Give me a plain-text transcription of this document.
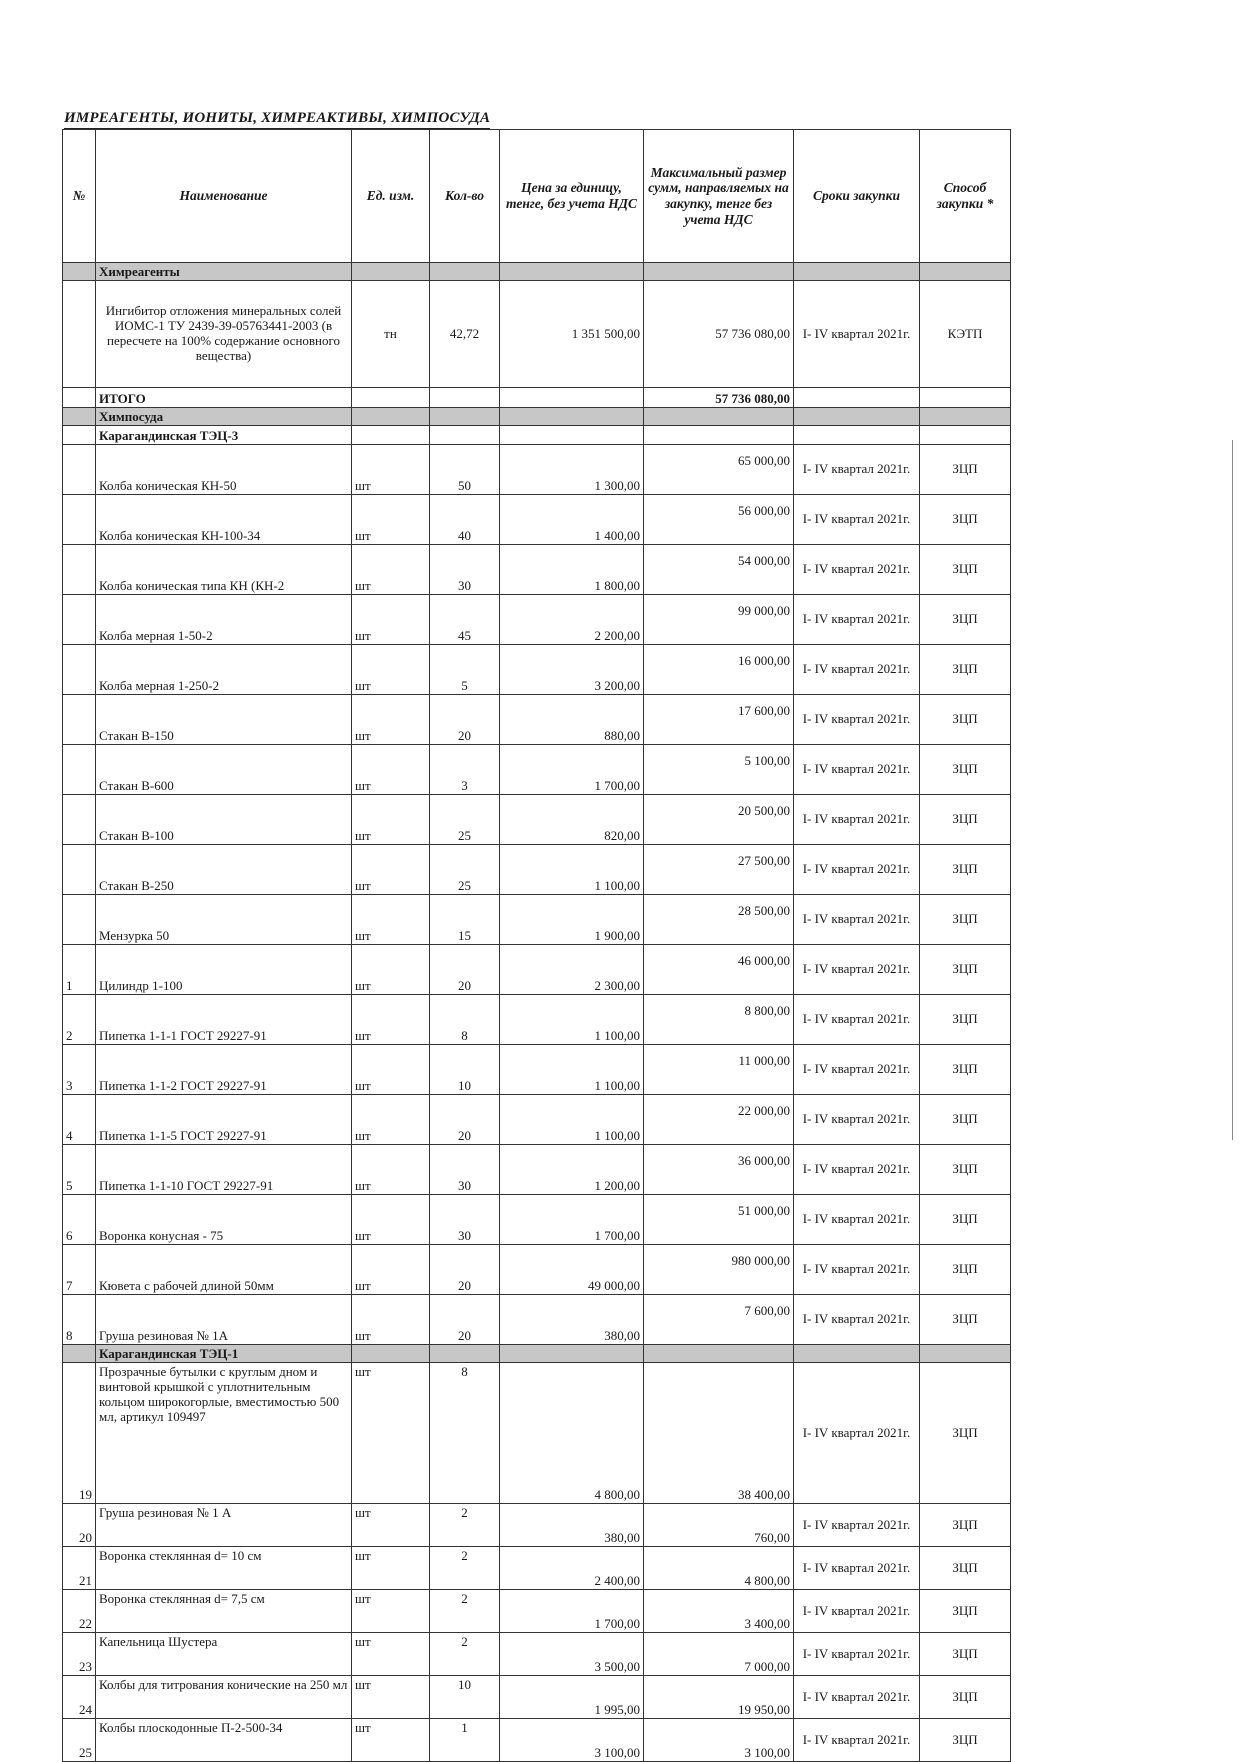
ИМРЕАГЕНТЫ, ИОНИТЫ, ХИМРЕАКТИВЫ, ХИМПОСУДА
№	Наименование	Ед. изм.	Кол-во	Цена за единицу, тенге, без учета НДС	Максимальный размер сумм, направляемых на закупку, тенге без учета НДС	Сроки закупки	Способ закупки *
	Химреагенты						
	Ингибитор отложения минеральных солей ИОМС-1 ТУ 2439-39-05763441-2003 (в пересчете на 100% содержание основного вещества)	тн	42,72	1 351 500,00	57 736 080,00	I- IV квартал 2021г.	КЭТП
	ИТОГО				57 736 080,00		
	Химпосуда						
	Карагандинская ТЭЦ-3						
	Колба коническая КН-50	шт	50	1 300,00	65 000,00	I- IV квартал 2021г.	ЗЦП
	Колба коническая КН-100-34	шт	40	1 400,00	56 000,00	I- IV квартал 2021г.	ЗЦП
	Колба коническая типа КН (КН-2	шт	30	1 800,00	54 000,00	I- IV квартал 2021г.	ЗЦП
	Колба мерная 1-50-2	шт	45	2 200,00	99 000,00	I- IV квартал 2021г.	ЗЦП
	Колба мерная 1-250-2	шт	5	3 200,00	16 000,00	I- IV квартал 2021г.	ЗЦП
	Стакан В-150	шт	20	880,00	17 600,00	I- IV квартал 2021г.	ЗЦП
	Стакан В-600	шт	3	1 700,00	5 100,00	I- IV квартал 2021г.	ЗЦП
	Стакан В-100	шт	25	820,00	20 500,00	I- IV квартал 2021г.	ЗЦП
	Стакан В-250	шт	25	1 100,00	27 500,00	I- IV квартал 2021г.	ЗЦП
	Мензурка 50	шт	15	1 900,00	28 500,00	I- IV квартал 2021г.	ЗЦП
1	Цилиндр 1-100	шт	20	2 300,00	46 000,00	I- IV квартал 2021г.	ЗЦП
2	Пипетка 1-1-1 ГОСТ 29227-91	шт	8	1 100,00	8 800,00	I- IV квартал 2021г.	ЗЦП
3	Пипетка 1-1-2 ГОСТ 29227-91	шт	10	1 100,00	11 000,00	I- IV квартал 2021г.	ЗЦП
4	Пипетка 1-1-5 ГОСТ 29227-91	шт	20	1 100,00	22 000,00	I- IV квартал 2021г.	ЗЦП
5	Пипетка 1-1-10 ГОСТ 29227-91	шт	30	1 200,00	36 000,00	I- IV квартал 2021г.	ЗЦП
6	Воронка конусная - 75	шт	30	1 700,00	51 000,00	I- IV квартал 2021г.	ЗЦП
7	Кювета с рабочей длиной 50мм	шт	20	49 000,00	980 000,00	I- IV квартал 2021г.	ЗЦП
8	Груша резиновая № 1А	шт	20	380,00	7 600,00	I- IV квартал 2021г.	ЗЦП
	Карагандинская ТЭЦ-1						
19	Прозрачные бутылки с круглым дном и винтовой крышкой с уплотнительным кольцом широкогорлые, вместимостью 500 мл, артикул 109497	шт	8	4 800,00	38 400,00	I- IV квартал 2021г.	ЗЦП
20	Груша резиновая № 1 А	шт	2	380,00	760,00	I- IV квартал 2021г.	ЗЦП
21	Воронка стеклянная d= 10 см	шт	2	2 400,00	4 800,00	I- IV квартал 2021г.	ЗЦП
22	Воронка стеклянная d= 7,5 см	шт	2	1 700,00	3 400,00	I- IV квартал 2021г.	ЗЦП
23	Капельница Шустера	шт	2	3 500,00	7 000,00	I- IV квартал 2021г.	ЗЦП
24	Колбы для титрования конические на 250 мл	шт	10	1 995,00	19 950,00	I- IV квартал 2021г.	ЗЦП
25	Колбы плоскодонные П-2-500-34	шт	1	3 100,00	3 100,00	I- IV квартал 2021г.	ЗЦП
